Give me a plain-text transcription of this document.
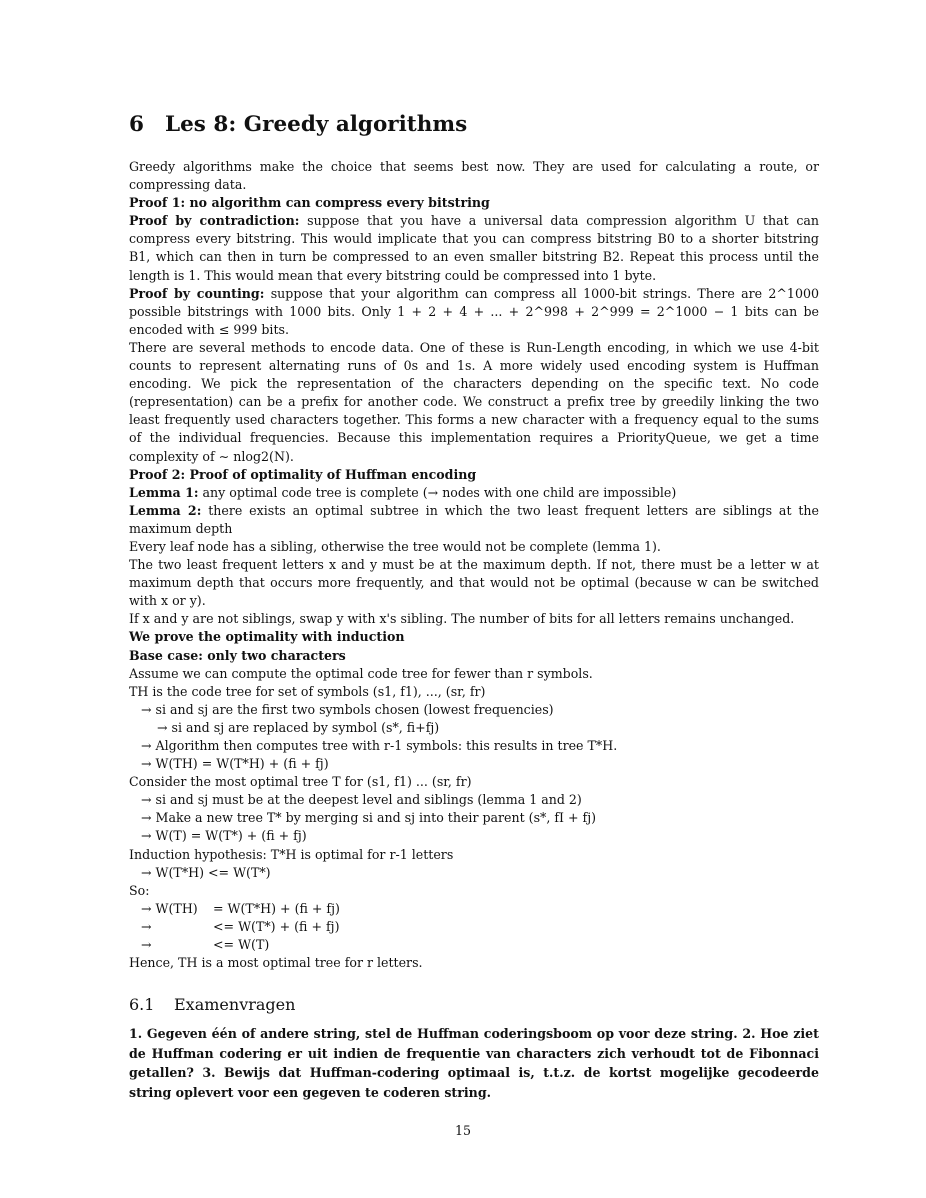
6 Les 8: Greedy algorithms

Greedy algorithms make the choice that seems best now. They are used for calculating a route, or compressing data.

Proof 1: no algorithm can compress every bitstring

Proof by contradiction: suppose that you have a universal data compression algorithm U that can compress every bitstring. This would implicate that you can compress bitstring B0 to a shorter bitstring B1, which can then in turn be compressed to an even smaller bitstring B2. Repeat this process until the length is 1. This would mean that every bitstring could be compressed into 1 byte.

Proof by counting: suppose that your algorithm can compress all 1000-bit strings. There are 2^1000 possible bitstrings with 1000 bits. Only 1 + 2 + 4 + ... + 2^998 + 2^999 = 2^1000 − 1 bits can be encoded with ≤ 999 bits.

There are several methods to encode data. One of these is Run-Length encoding, in which we use 4-bit counts to represent alternating runs of 0s and 1s. A more widely used encoding system is Huffman encoding. We pick the representation of the characters depending on the specific text. No code (representation) can be a prefix for another code. We construct a prefix tree by greedily linking the two least frequently used characters together. This forms a new character with a frequency equal to the sums of the individual frequencies. Because this implementation requires a PriorityQueue, we get a time complexity of ∼ nlog2(N).

Proof 2: Proof of optimality of Huffman encoding

Lemma 1: any optimal code tree is complete (→ nodes with one child are impossible)

Lemma 2: there exists an optimal subtree in which the two least frequent letters are siblings at the maximum depth

Every leaf node has a sibling, otherwise the tree would not be complete (lemma 1).

The two least frequent letters x and y must be at the maximum depth. If not, there must be a letter w at maximum depth that occurs more frequently, and that would not be optimal (because w can be switched with x or y).

If x and y are not siblings, swap y with x's sibling. The number of bits for all letters remains unchanged.

We prove the optimality with induction

Base case: only two characters

Assume we can compute the optimal code tree for fewer than r symbols.

TH is the code tree for set of symbols (s1, f1), ..., (sr, fr)

→ si and sj are the first two symbols chosen (lowest frequencies)

→ si and sj are replaced by symbol (s*, fi+fj)

→ Algorithm then computes tree with r-1 symbols: this results in tree T*H.

→ W(TH) = W(T*H) + (fi + fj)

Consider the most optimal tree T for (s1, f1) ... (sr, fr)

→ si and sj must be at the deepest level and siblings (lemma 1 and 2)

→ Make a new tree T* by merging si and sj into their parent (s*, fI + fj)

→ W(T) = W(T*) + (fi + fj)

Induction hypothesis: T*H is optimal for r-1 letters

→ W(T*H) <= W(T*)

So:

→ W(TH)	= W(T*H) + (fi + fj)
→	<= W(T*) + (fi + fj)
→	<= W(T)

Hence, TH is a most optimal tree for r letters.

6.1 Examenvragen

1. Gegeven één of andere string, stel de Huffman coderingsboom op voor deze string. 2. Hoe ziet de Huffman codering er uit indien de frequentie van characters zich verhoudt tot de Fibonnaci getallen? 3. Bewijs dat Huffman-codering optimaal is, t.t.z. de kortst mogelijke gecodeerde string oplevert voor een gegeven te coderen string.

15
